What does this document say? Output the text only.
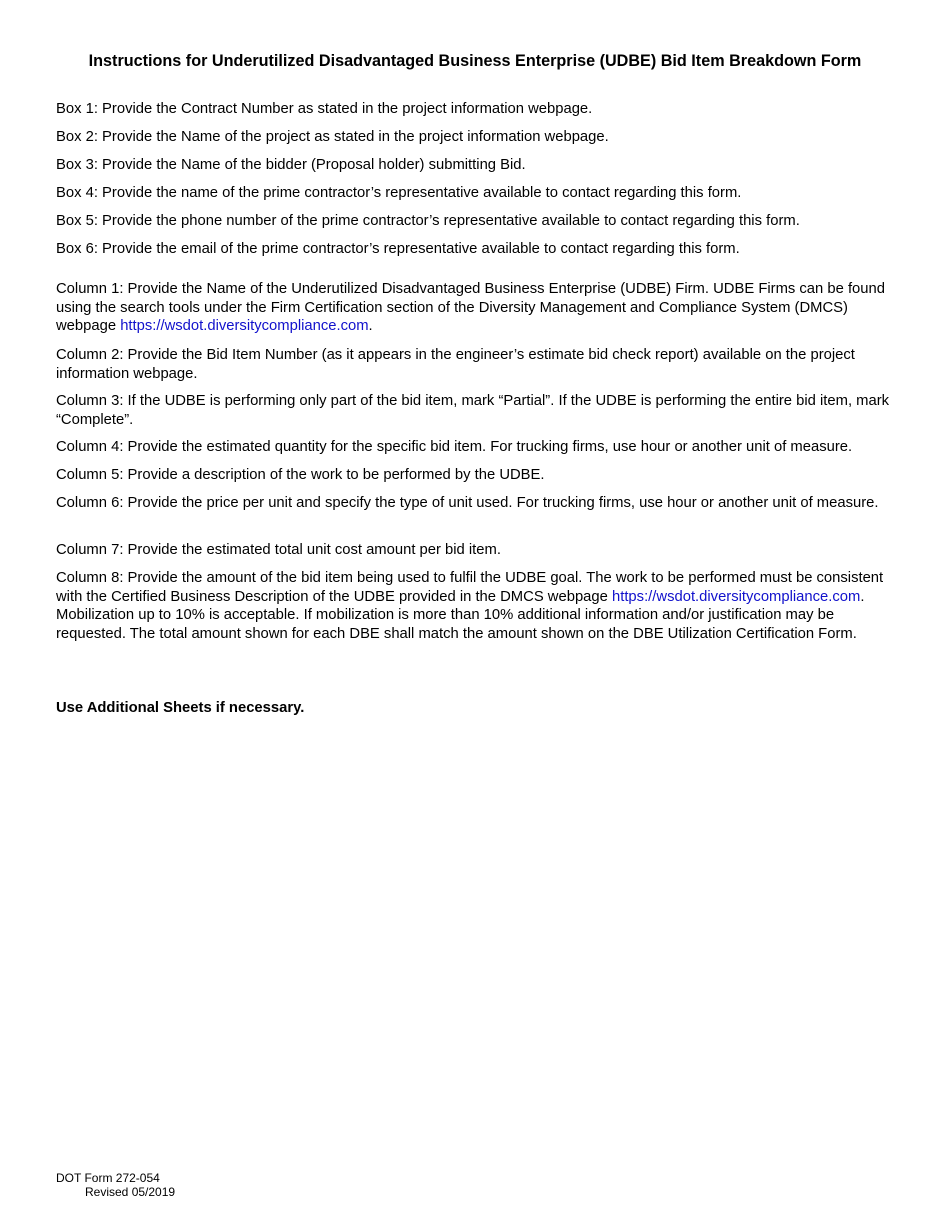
Instructions for Underutilized Disadvantaged Business Enterprise (UDBE) Bid Item Breakdown Form

Box 1: Provide the Contract Number as stated in the project information webpage.

Box 2: Provide the Name of the project as stated in the project information webpage.

Box 3: Provide the Name of the bidder (Proposal holder) submitting Bid.

Box 4: Provide the name of the prime contractor’s representative available to contact regarding this form.

Box 5: Provide the phone number of the prime contractor’s representative available to contact regarding this form.

Box 6: Provide the email of the prime contractor’s representative available to contact regarding this form.

Column 1: Provide the Name of the Underutilized Disadvantaged Business Enterprise (UDBE) Firm. UDBE Firms can be found using the search tools under the Firm Certification section of the Diversity Management and Compliance System (DMCS) webpage https://wsdot.diversitycompliance.com.

Column 2: Provide the Bid Item Number (as it appears in the engineer’s estimate bid check report) available on the project information webpage.

Column 3: If the UDBE is performing only part of the bid item, mark “Partial”. If the UDBE is performing the entire bid item, mark “Complete”.

Column 4: Provide the estimated quantity for the specific bid item. For trucking firms, use hour or another unit of measure.

Column 5: Provide a description of the work to be performed by the UDBE.

Column 6: Provide the price per unit and specify the type of unit used. For trucking firms, use hour or another unit of measure.

Column 7: Provide the estimated total unit cost amount per bid item.

Column 8: Provide the amount of the bid item being used to fulfil the UDBE goal. The work to be performed must be consistent with the Certified Business Description of the UDBE provided in the DMCS webpage https://wsdot.diversitycompliance.com. Mobilization up to 10% is acceptable. If mobilization is more than 10% additional information and/or justification may be requested. The total amount shown for each DBE shall match the amount shown on the DBE Utilization Certification Form.

Use Additional Sheets if necessary.

DOT Form 272-054
Revised 05/2019
